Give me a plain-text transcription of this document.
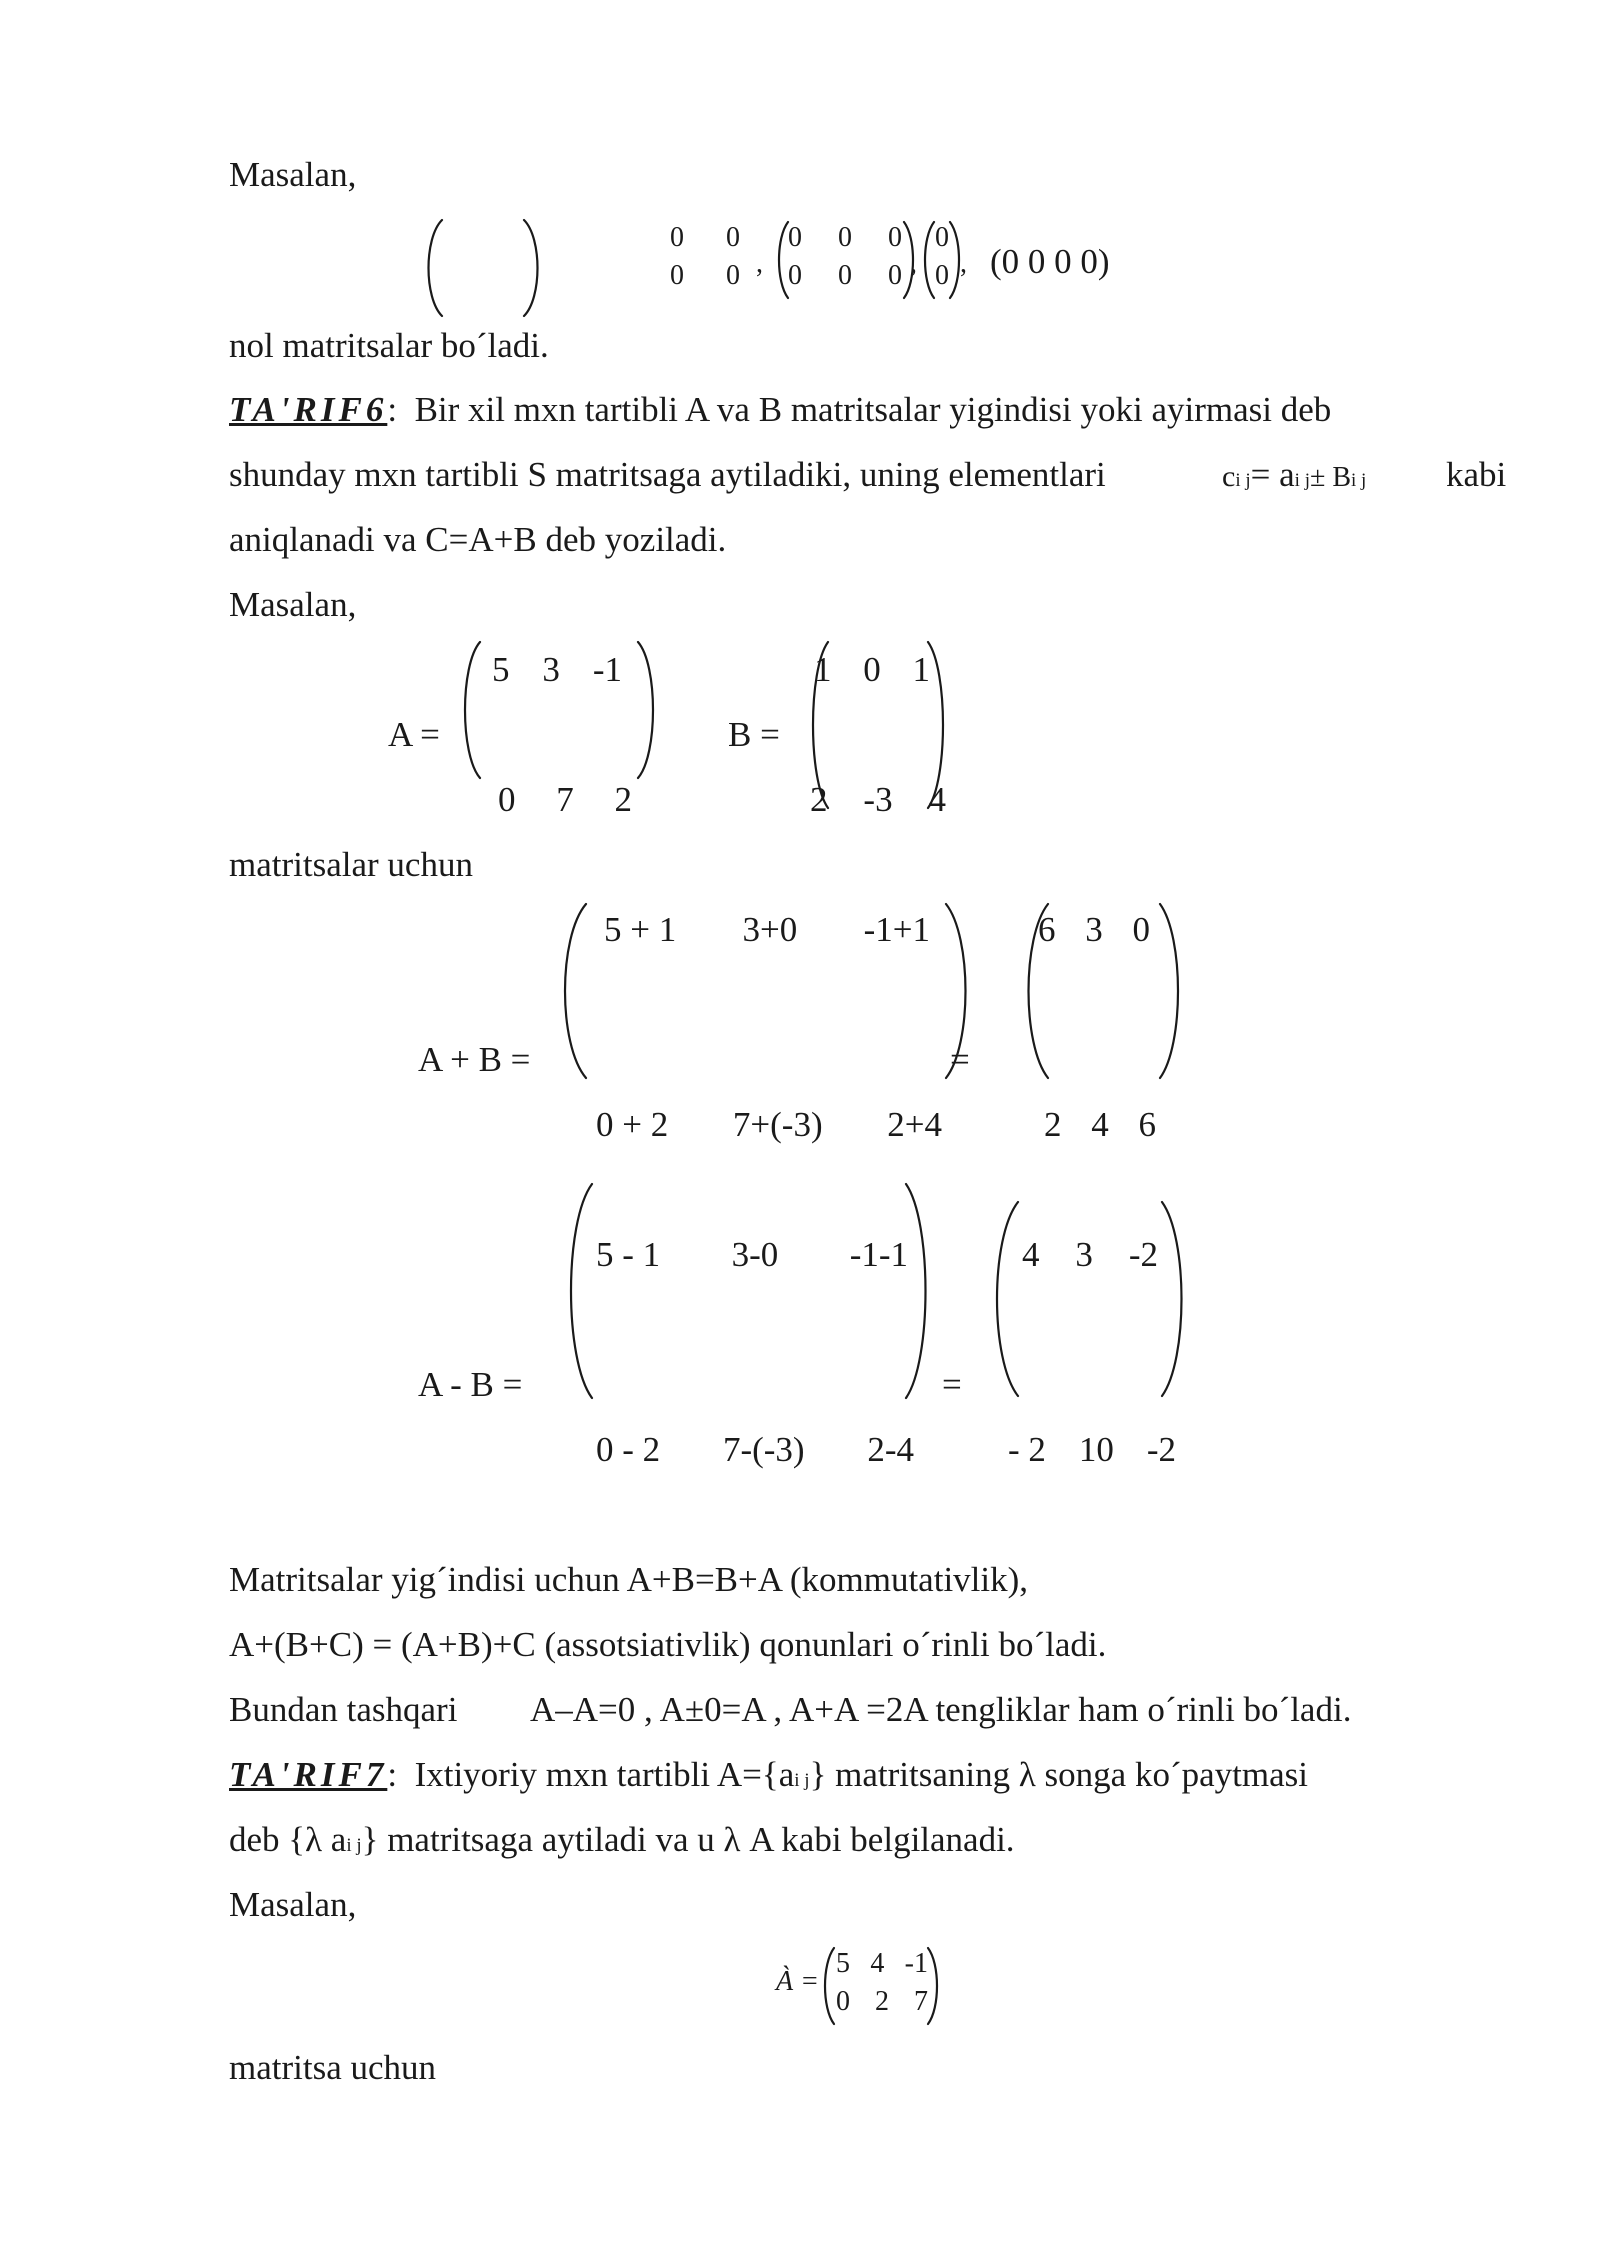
Masalan,
0 0
0 0 ,
0 0 0
0 0 0 ,
0
0 , (0 0 0 0)
nol matritsalar bo´ladi.
TA'RIF6: Bir xil mxn tartibli A va B matritsalar yigindisi yoki ayirmasi deb
shunday mxn tartibli S matritsaga aytiladiki, uning elementlari	ci j= ai j± Bi j kabi
aniqlanadi va C=A+B deb yoziladi.
Masalan,
A =
5 3 -1
0 7 2
B =
1 0 1
2 -3 4
matritsalar uchun
A + B =
5 + 1 3+0 -1+1
=
0 + 2 7+(-3) 2+4
6 3 0
2 4 6
A - B =
5 - 1 3-0 -1-1
=
0 - 2 7-(-3) 2-4
4 3 -2
- 2 10 -2
Matritsalar yig´indisi uchun A+B=B+A (kommutativlik),
A+(B+C) = (A+B)+C (assotsiativlik) qonunlari o´rinli bo´ladi.
Bundan tashqari A–A=0 , A±0=A , A+A =2A tengliklar ham o´rinli bo´ladi.
TA'RIF7: Ixtiyoriy mxn tartibli A={ai j} matritsaning λ songa ko´paytmasi
deb {λ ai j} matritsaga aytiladi va u λ A kabi belgilanadi.
Masalan,
À =
5 4 -1
0 2 7
matritsa uchun
